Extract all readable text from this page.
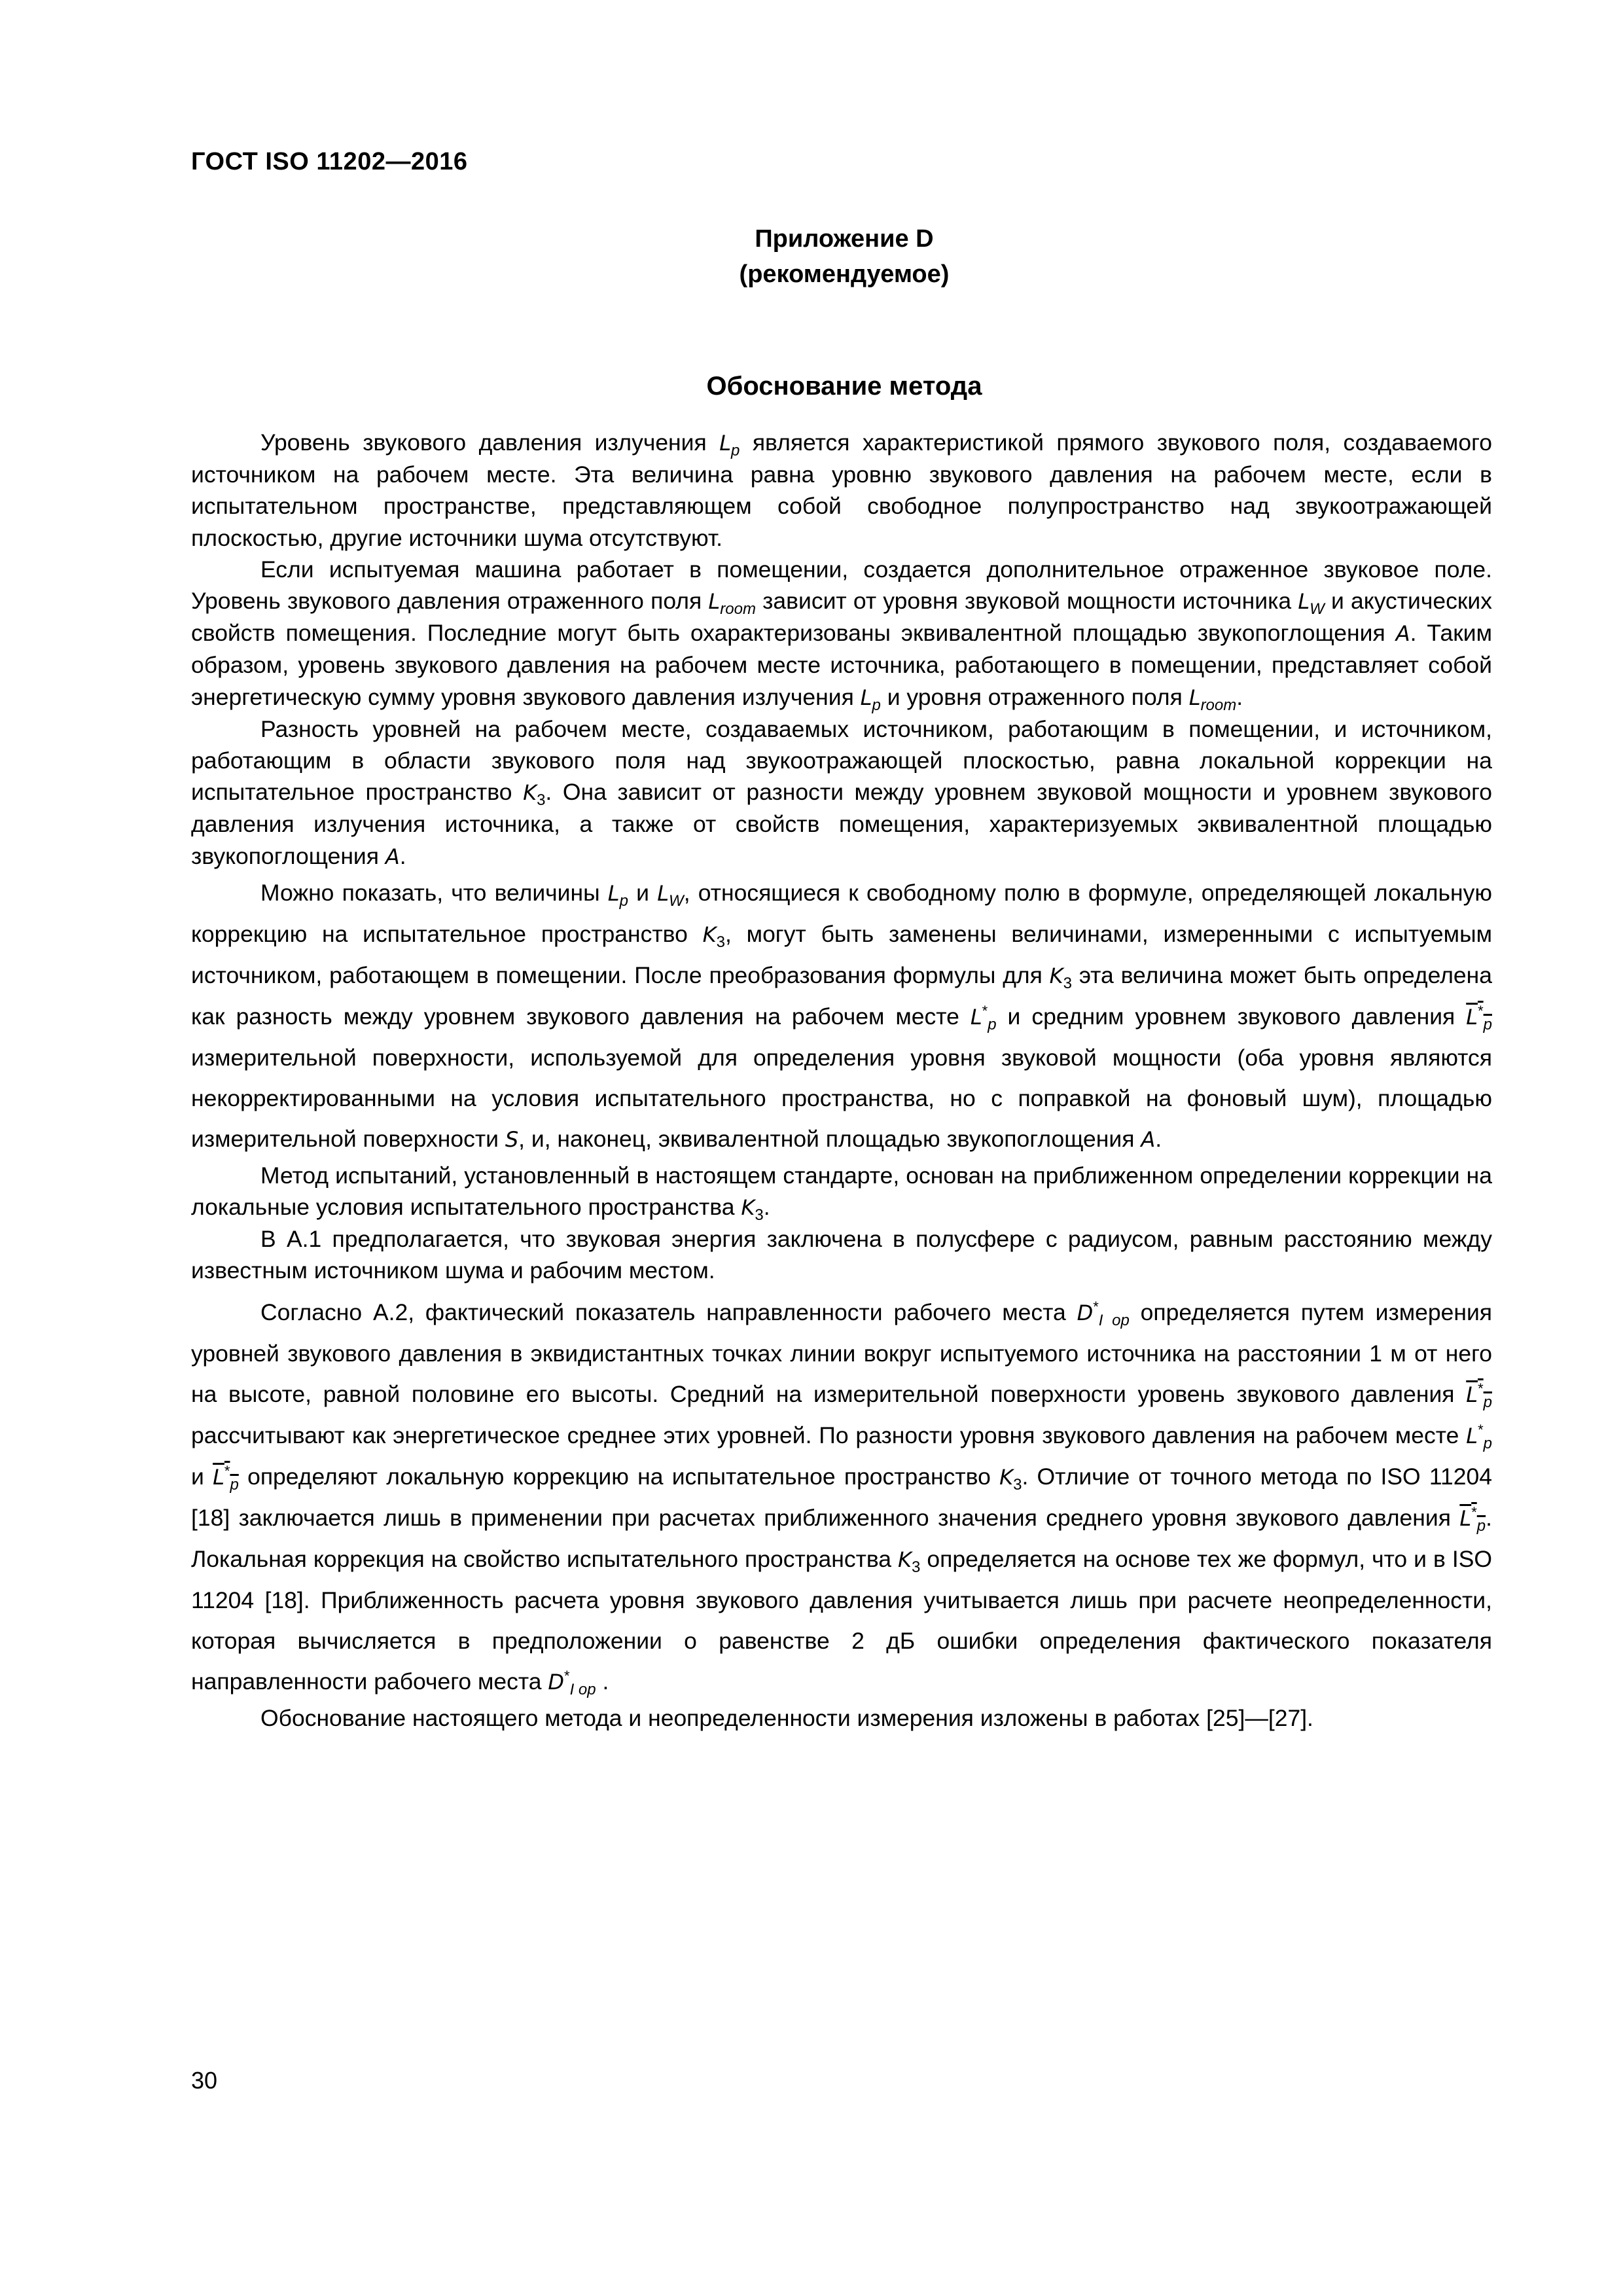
ГОСТ ISO 11202—2016
Приложение D
(рекомендуемое)
Обоснование метода

Уровень звукового давления излучения $L_p$ является характеристикой прямого звукового поля, создаваемого источником на рабочем месте. Эта величина равна уровню звукового давления на рабочем месте, если в испытательном пространстве, представляющем собой свободное полупространство над звукоотражающей плоскостью, другие источники шума отсутствуют.

Если испытуемая машина работает в помещении, создается дополнительное отраженное звуковое поле. Уровень звукового давления отраженного поля $L_{room}$ зависит от уровня звуковой мощности источника $L_W$ и акустических свойств помещения. Последние могут быть охарактеризованы эквивалентной площадью звукопоглощения A. Таким образом, уровень звукового давления на рабочем месте источника, работающего в помещении, представляет собой энергетическую сумму уровня звукового давления излучения $L_p$ и уровня отраженного поля $L_{room}$.

Разность уровней на рабочем месте, создаваемых источником, работающим в помещении, и источником, работающим в области звукового поля над звукоотражающей плоскостью, равна локальной коррекции на испытательное пространство $K_3$. Она зависит от разности между уровнем звуковой мощности и уровнем звукового давления излучения источника, а также от свойств помещения, характеризуемых эквивалентной площадью звукопоглощения A.

Можно показать, что величины $L_p$ и $L_W$, относящиеся к свободному полю в формуле, определяющей локальную коррекцию на испытательное пространство $K_3$, могут быть заменены величинами, измеренными с испытуемым источником, работающем в помещении. После преобразования формулы для $K_3$ эта величина может быть определена как разность между уровнем звукового давления на рабочем месте $L^*_p$ и средним уровнем звукового давления $L^*_p$ измерительной поверхности, используемой для определения уровня звуковой мощности (оба уровня являются некорректированными на условия испытательного пространства, но с поправкой на фоновый шум), площадью измерительной поверхности S, и, наконец, эквивалентной площадью звукопоглощения A.

Метод испытаний, установленный в настоящем стандарте, основан на приближенном определении коррекции на локальные условия испытательного пространства $K_3$.

В A.1 предполагается, что звуковая энергия заключена в полусфере с радиусом, равным расстоянию между известным источником шума и рабочим местом.

Согласно A.2, фактический показатель направленности рабочего места $D^*_{I op}$ определяется путем измерения уровней звукового давления в эквидистантных точках линии вокруг испытуемого источника на расстоянии 1 м от него на высоте, равной половине его высоты. Средний на измерительной поверхности уровень звукового давления $L^*_p$ рассчитывают как энергетическое среднее этих уровней. По разности уровня звукового давления на рабочем месте $L^*_p$ и $L^*_p$ определяют локальную коррекцию на испытательное пространство $K_3$. Отличие от точного метода по ISO 11204 [18] заключается лишь в применении при расчетах приближенного значения среднего уровня звукового давления $L^*_p$. Локальная коррекция на свойство испытательного пространства $K_3$ определяется на основе тех же формул, что и в ISO 11204 [18]. Приближенность расчета уровня звукового давления учитывается лишь при расчете неопределенности, которая вычисляется в предположении о равенстве 2 дБ ошибки определения фактического показателя направленности рабочего места $D^*_{I op}$ .

Обоснование настоящего метода и неопределенности измерения изложены в работах [25]—[27].

30
